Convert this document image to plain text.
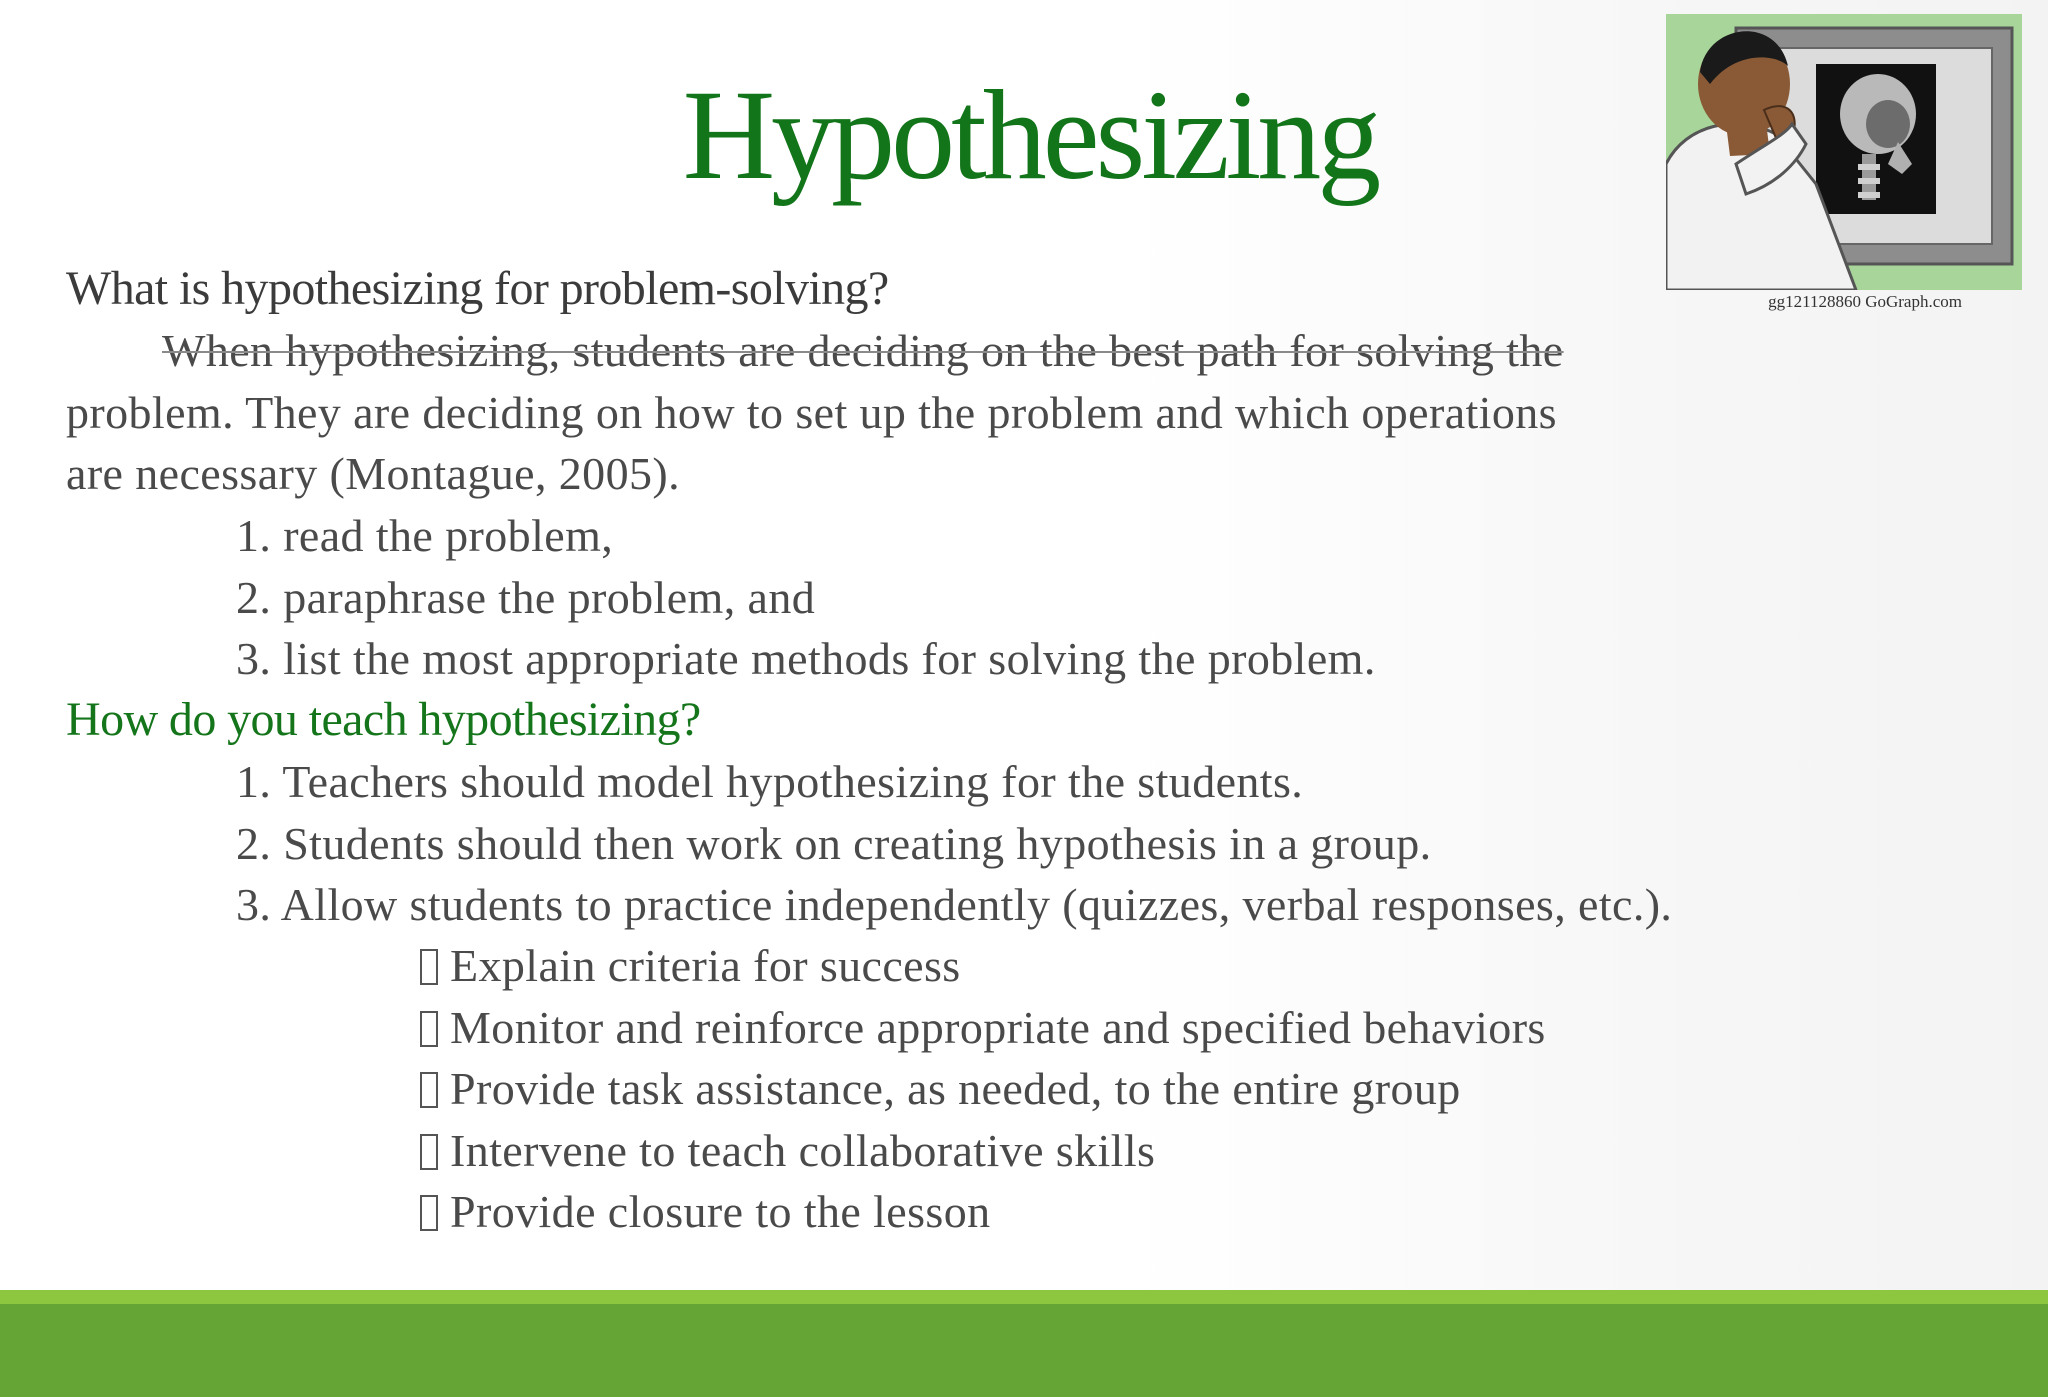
Hypothesizing
gg121128860 GoGraph.com
What is hypothesizing for problem-solving?
When hypothesizing, students are deciding on the best path for solving the
problem. They are deciding on how to set up the problem and which operations
are necessary (Montague, 2005).
1. read the problem,
2. paraphrase the problem, and
3. list the most appropriate methods for solving the problem.
How do you teach hypothesizing?
1. Teachers should model hypothesizing for the students.
2. Students should then work on creating hypothesis in a group.
3. Allow students to practice independently (quizzes, verbal responses, etc.).
Explain criteria for success
Monitor and reinforce appropriate and specified behaviors
Provide task assistance, as needed, to the entire group
Intervene to teach collaborative skills
Provide closure to the lesson
